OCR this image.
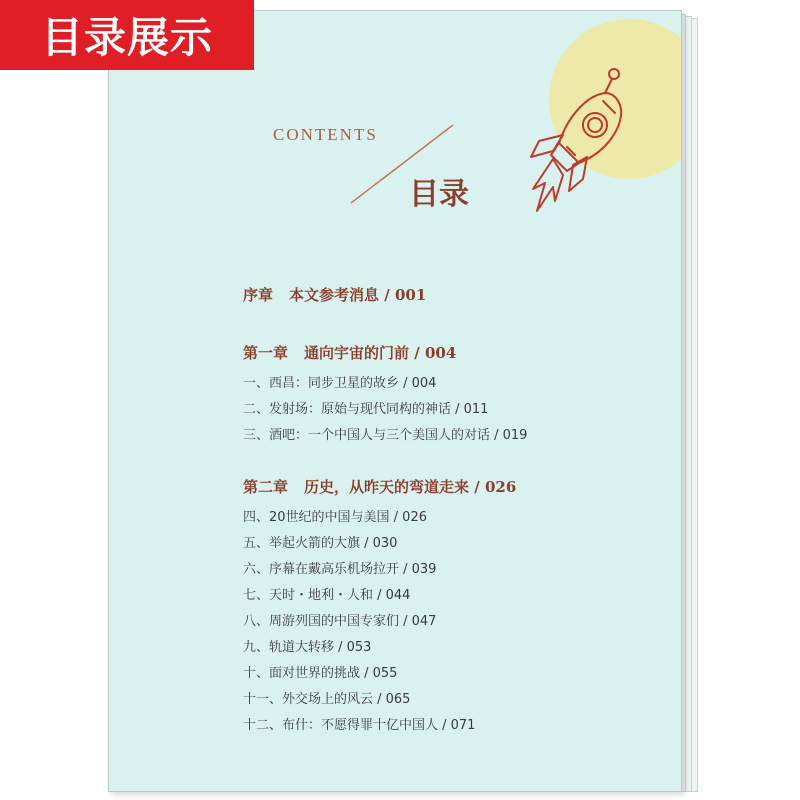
CONTENTS
目录
序章 本文参考消息 / 001
第一章 通向宇宙的门前 / 004
一、西昌：同步卫星的故乡 / 004
二、发射场：原始与现代同构的神话 / 011
三、酒吧：一个中国人与三个美国人的对话 / 019
第二章 历史，从昨天的弯道走来 / 026
四、20世纪的中国与美国 / 026
五、举起火箭的大旗 / 030
六、序幕在戴高乐机场拉开 / 039
七、天时・地利・人和 / 044
八、周游列国的中国专家们 / 047
九、轨道大转移 / 053
十、面对世界的挑战 / 055
十一、外交场上的风云 / 065
十二、布什：不愿得罪十亿中国人 / 071
目录展示
